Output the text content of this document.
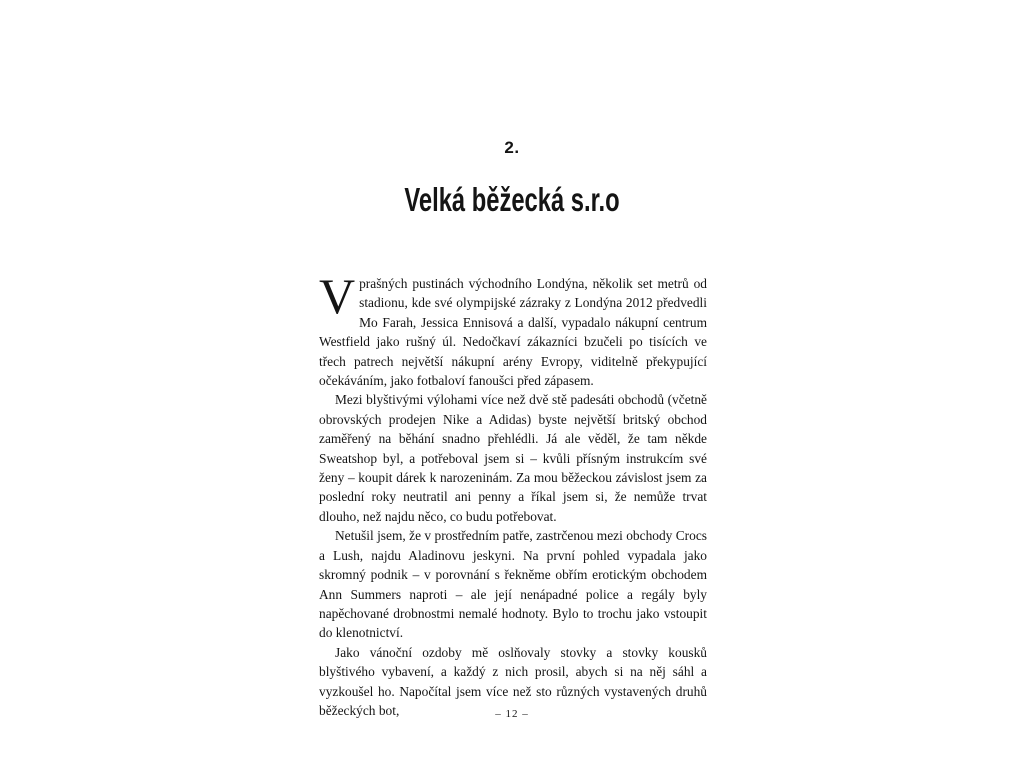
2.
Velká běžecká s.r.o

Vprašných pustinách východního Londýna, několik set metrů od stadionu, kde své olympijské zázraky z Londýna 2012 předvedli Mo Farah, Jessica Ennisová a další, vypadalo nákupní centrum Westfield jako rušný úl. Nedočkaví zákazníci bzučeli po tisících ve třech patrech největší nákupní arény Evropy, viditelně překypující očekáváním, jako fotbaloví fanoušci před zápasem.

Mezi blyštivými výlohami více než dvě stě padesáti obchodů (včetně obrovských prodejen Nike a Adidas) byste největší britský obchod zaměřený na běhání snadno přehlédli. Já ale věděl, že tam někde Sweatshop byl, a potřeboval jsem si – kvůli přísným instrukcím své ženy – koupit dárek k narozeninám. Za mou běžeckou závislost jsem za poslední roky neutratil ani penny a říkal jsem si, že nemůže trvat dlouho, než najdu něco, co budu potřebovat.

Netušil jsem, že v prostředním patře, zastrčenou mezi obchody Crocs a Lush, najdu Aladinovu jeskyni. Na první pohled vypadala jako skromný podnik – v porovnání s řekněme obřím erotickým obchodem Ann Summers naproti – ale její nenápadné police a regály byly napěchované drobnostmi nemalé hodnoty. Bylo to trochu jako vstoupit do klenotnictví.

Jako vánoční ozdoby mě oslňovaly stovky a stovky kousků blyštivého vybavení, a každý z nich prosil, abych si na něj sáhl a vyzkoušel ho. Napočítal jsem více než sto různých vystavených druhů běžeckých bot,	– 12 –
